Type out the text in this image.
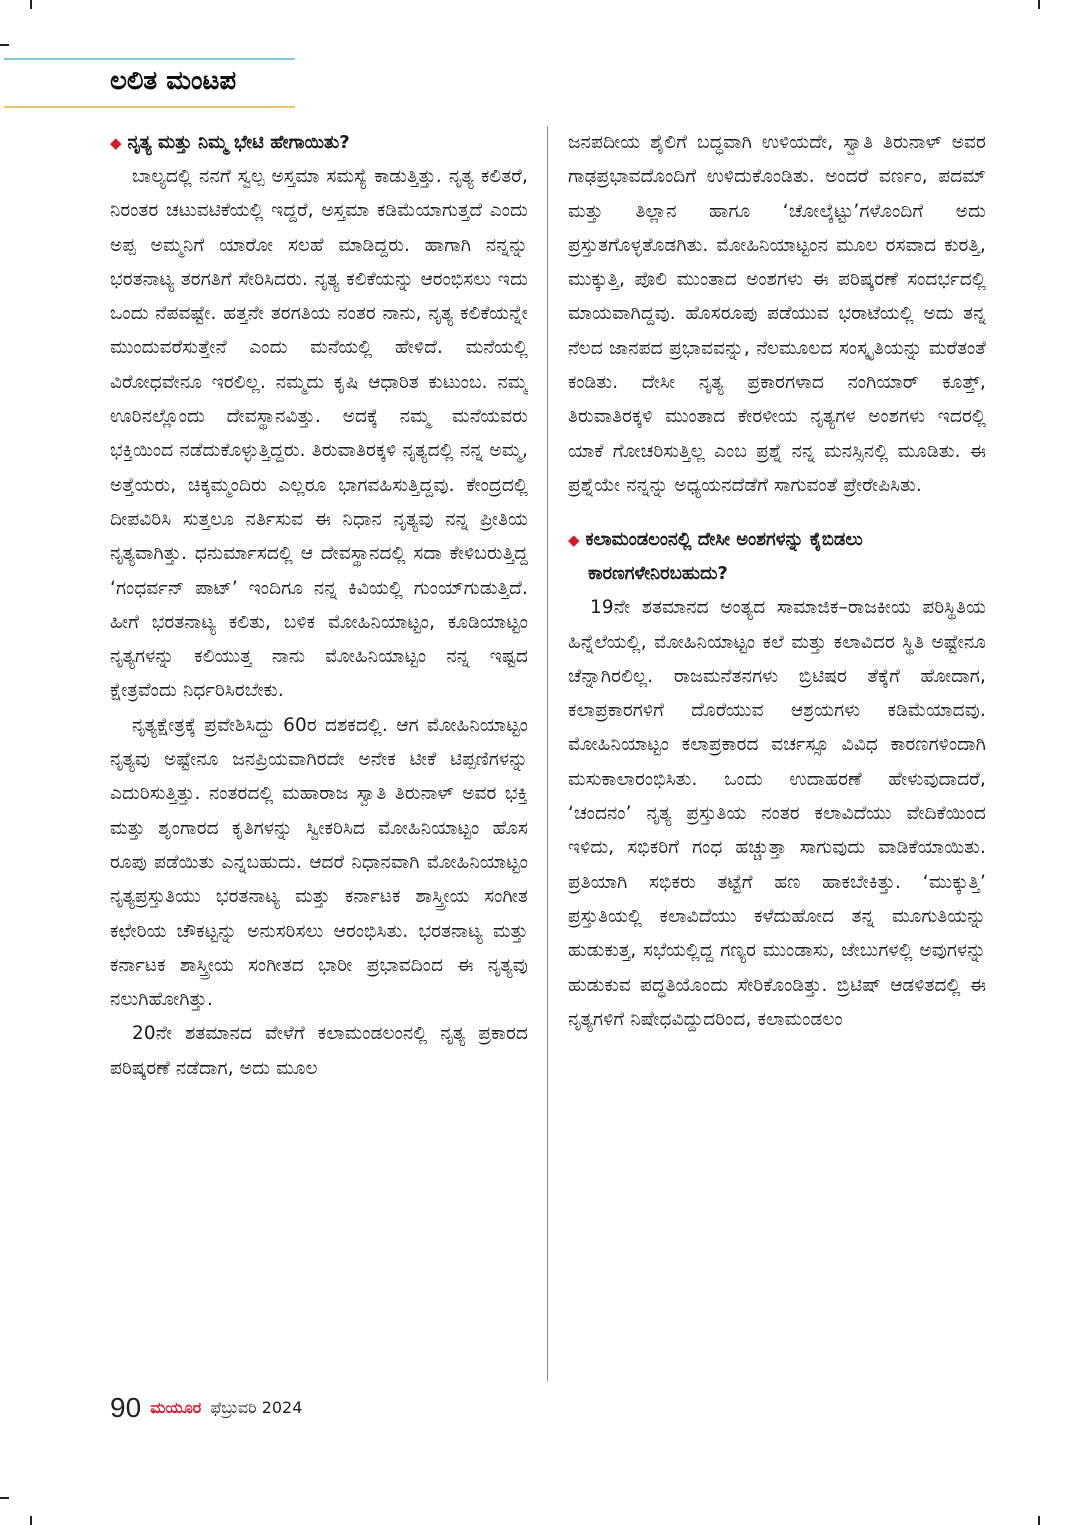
ಲಲಿತ ಮಂಟಪ

◆ ನೃತ್ಯ ಮತ್ತು ನಿಮ್ಮ ಭೇಟಿ ಹೇಗಾಯಿತು?

ಬಾಲ್ಯದಲ್ಲಿ ನನಗೆ ಸ್ವಲ್ಪ ಅಸ್ತಮಾ ಸಮಸ್ಯೆ ಕಾಡುತ್ತಿತ್ತು. ನೃತ್ಯ ಕಲಿತರೆ, ನಿರಂತರ ಚಟುವಟಿಕೆಯಲ್ಲಿ ಇದ್ದರೆ, ಅಸ್ತಮಾ ಕಡಿಮೆಯಾಗುತ್ತದೆ ಎಂದು ಅಪ್ಪ ಅಮ್ಮನಿಗೆ ಯಾರೋ ಸಲಹೆ ಮಾಡಿದ್ದರು. ಹಾಗಾಗಿ ನನ್ನನ್ನು ಭರತನಾಟ್ಯ ತರಗತಿಗೆ ಸೇರಿಸಿದರು. ನೃತ್ಯ ಕಲಿಕೆಯನ್ನು ಆರಂಭಿಸಲು ಇದು ಒಂದು ನೆಪವಷ್ಟೇ. ಹತ್ತನೇ ತರಗತಿಯ ನಂತರ ನಾನು, ನೃತ್ಯ ಕಲಿಕೆಯನ್ನೇ ಮುಂದುವರೆಸುತ್ತೇನೆ ಎಂದು ಮನೆಯಲ್ಲಿ ಹೇಳಿದೆ. ಮನೆಯಲ್ಲಿ ವಿರೋಧವೇನೂ ಇರಲಿಲ್ಲ. ನಮ್ಮದು ಕೃಷಿ ಆಧಾರಿತ ಕುಟುಂಬ. ನಮ್ಮ ಊರಿನಲ್ಲೊಂದು ದೇವಸ್ಥಾನವಿತ್ತು. ಅದಕ್ಕೆ ನಮ್ಮ ಮನೆಯವರು ಭಕ್ತಿಯಿಂದ ನಡೆದುಕೊಳ್ಳುತ್ತಿದ್ದರು. ತಿರುವಾತಿರಕ್ಕಳಿ ನೃತ್ಯದಲ್ಲಿ ನನ್ನ ಅಮ್ಮ, ಅತ್ತೆಯರು, ಚಿಕ್ಕಮ್ಮಂದಿರು ಎಲ್ಲರೂ ಭಾಗವಹಿಸುತ್ತಿದ್ದವು. ಕೇಂದ್ರದಲ್ಲಿ ದೀಪವಿರಿಸಿ ಸುತ್ತಲೂ ನರ್ತಿಸುವ ಈ ನಿಧಾನ ನೃತ್ಯವು ನನ್ನ ಪ್ರೀತಿಯ ನೃತ್ಯವಾಗಿತ್ತು. ಧನುರ್ಮಾಸದಲ್ಲಿ ಆ ದೇವಸ್ಥಾನದಲ್ಲಿ ಸದಾ ಕೇಳಿಬರುತ್ತಿದ್ದ ‘ಗಂಧರ್ವನ್ ಪಾಟ್’ ಇಂದಿಗೂ ನನ್ನ ಕಿವಿಯಲ್ಲಿ ಗುಂಯ್‌ಗುಡುತ್ತಿದೆ. ಹೀಗೆ ಭರತನಾಟ್ಯ ಕಲಿತು, ಬಳಿಕ ಮೋಹಿನಿಯಾಟ್ಟಂ, ಕೂಡಿಯಾಟ್ಟಂ ನೃತ್ಯಗಳನ್ನು ಕಲಿಯುತ್ತ ನಾನು ಮೋಹಿನಿಯಾಟ್ಟಂ ನನ್ನ ಇಷ್ಟದ ಕ್ಷೇತ್ರವೆಂದು ನಿರ್ಧರಿಸಿರಬೇಕು.

ನೃತ್ಯಕ್ಷೇತ್ರಕ್ಕೆ ಪ್ರವೇಶಿಸಿದ್ದು 60ರ ದಶಕದಲ್ಲಿ. ಆಗ ಮೋಹಿನಿಯಾಟ್ಟಂ ನೃತ್ಯವು ಅಷ್ಟೇನೂ ಜನಪ್ರಿಯವಾಗಿರದೇ ಅನೇಕ ಟೀಕೆ ಟಿಪ್ಪಣಿಗಳನ್ನು ಎದುರಿಸುತ್ತಿತ್ತು. ನಂತರದಲ್ಲಿ ಮಹಾರಾಜ ಸ್ವಾತಿ ತಿರುನಾಳ್ ಅವರ ಭಕ್ತಿ ಮತ್ತು ಶೃಂಗಾರದ ಕೃತಿಗಳನ್ನು ಸ್ವೀಕರಿಸಿದ ಮೋಹಿನಿಯಾಟ್ಟಂ ಹೊಸ ರೂಪು ಪಡೆಯಿತು ಎನ್ನಬಹುದು. ಆದರೆ ನಿಧಾನವಾಗಿ ಮೋಹಿನಿಯಾಟ್ಟಂ ನೃತ್ಯಪ್ರಸ್ತುತಿಯು ಭರತನಾಟ್ಯ ಮತ್ತು ಕರ್ನಾಟಕ ಶಾಸ್ತ್ರೀಯ ಸಂಗೀತ ಕಛೇರಿಯ ಚೌಕಟ್ಟನ್ನು ಅನುಸರಿಸಲು ಆರಂಭಿಸಿತು. ಭರತನಾಟ್ಯ ಮತ್ತು ಕರ್ನಾಟಕ ಶಾಸ್ತ್ರೀಯ ಸಂಗೀತದ ಭಾರೀ ಪ್ರಭಾವದಿಂದ ಈ ನೃತ್ಯವು ನಲುಗಿಹೋಗಿತ್ತು.

20ನೇ ಶತಮಾನದ ವೇಳೆಗೆ ಕಲಾಮಂಡಲಂನಲ್ಲಿ ನೃತ್ಯ ಪ್ರಕಾರದ ಪರಿಷ್ಕರಣೆ ನಡೆದಾಗ, ಅದು ಮೂಲ

ಜನಪದೀಯ ಶೈಲಿಗೆ ಬದ್ಧವಾಗಿ ಉಳಿಯದೇ, ಸ್ವಾತಿ ತಿರುನಾಳ್ ಅವರ ಗಾಢಪ್ರಭಾವದೊಂದಿಗೆ ಉಳಿದುಕೊಂಡಿತು. ಅಂದರೆ ವರ್ಣಂ, ಪದಮ್ ಮತ್ತು ತಿಲ್ಲಾನ ಹಾಗೂ ‘ಚೋಲ್ಕೆಟ್ಟು’ಗಳೊಂದಿಗೆ ಅದು ಪ್ರಸ್ತುತಗೊಳ್ಳತೊಡಗಿತು. ಮೋಹಿನಿಯಾಟ್ಟಂನ ಮೂಲ ರಸವಾದ ಕುರತ್ತಿ, ಮುಕ್ಕುತ್ತಿ, ಪೊಲಿ ಮುಂತಾದ ಅಂಶಗಳು ಈ ಪರಿಷ್ಕರಣೆ ಸಂದರ್ಭದಲ್ಲಿ ಮಾಯವಾಗಿದ್ದವು. ಹೊಸರೂಪು ಪಡೆಯುವ ಭರಾಟೆಯಲ್ಲಿ ಅದು ತನ್ನ ನೆಲದ ಜಾನಪದ ಪ್ರಭಾವವನ್ನು, ನೆಲಮೂಲದ ಸಂಸ್ಕೃತಿಯನ್ನು ಮರೆತಂತೆ ಕಂಡಿತು. ದೇಸೀ ನೃತ್ಯ ಪ್ರಕಾರಗಳಾದ ನಂಗಿಯಾರ್ ಕೂತ್ತ್, ತಿರುವಾತಿರಕ್ಕಳಿ ಮುಂತಾದ ಕೇರಳೀಯ ನೃತ್ಯಗಳ ಅಂಶಗಳು ಇದರಲ್ಲಿ ಯಾಕೆ ಗೋಚರಿಸುತ್ತಿಲ್ಲ ಎಂಬ ಪ್ರಶ್ನೆ ನನ್ನ ಮನಸ್ಸಿನಲ್ಲಿ ಮೂಡಿತು. ಈ ಪ್ರಶ್ನೆಯೇ ನನ್ನನ್ನು ಅಧ್ಯಯನದೆಡೆಗೆ ಸಾಗುವಂತೆ ಪ್ರೇರೇಪಿಸಿತು.

◆ ಕಲಾಮಂಡಲಂನಲ್ಲಿ ದೇಸೀ ಅಂಶಗಳನ್ನು ಕೈಬಿಡಲು ಕಾರಣಗಳೇನಿರಬಹುದು?

19ನೇ ಶತಮಾನದ ಅಂತ್ಯದ ಸಾಮಾಜಿಕ–ರಾಜಕೀಯ ಪರಿಸ್ಥಿತಿಯ ಹಿನ್ನೆಲೆಯಲ್ಲಿ, ಮೋಹಿನಿಯಾಟ್ಟಂ ಕಲೆ ಮತ್ತು ಕಲಾವಿದರ ಸ್ಥಿತಿ ಅಷ್ಟೇನೂ ಚೆನ್ನಾಗಿರಲಿಲ್ಲ. ರಾಜಮನೆತನಗಳು ಬ್ರಿಟಿಷರ ತೆಕ್ಕೆಗೆ ಹೋದಾಗ, ಕಲಾಪ್ರಕಾರಗಳಿಗೆ ದೊರೆಯುವ ಆಶ್ರಯಗಳು ಕಡಿಮೆಯಾದವು. ಮೋಹಿನಿಯಾಟ್ಟಂ ಕಲಾಪ್ರಕಾರದ ವರ್ಚಸ್ಸೂ ವಿವಿಧ ಕಾರಣಗಳಿಂದಾಗಿ ಮಸುಕಾಲಾರಂಭಿಸಿತು. ಒಂದು ಉದಾಹರಣೆ ಹೇಳುವುದಾದರೆ, ‘ಚಂದನಂ’ ನೃತ್ಯ ಪ್ರಸ್ತುತಿಯ ನಂತರ ಕಲಾವಿದೆಯು ವೇದಿಕೆಯಿಂದ ಇಳಿದು, ಸಭಿಕರಿಗೆ ಗಂಧ ಹಚ್ಚುತ್ತಾ ಸಾಗುವುದು ವಾಡಿಕೆಯಾಯಿತು. ಪ್ರತಿಯಾಗಿ ಸಭಿಕರು ತಟ್ಟೆಗೆ ಹಣ ಹಾಕಬೇಕಿತ್ತು. ‘ಮುಕ್ಕುತ್ತಿ’ ಪ್ರಸ್ತುತಿಯಲ್ಲಿ ಕಲಾವಿದೆಯು ಕಳೆದುಹೋದ ತನ್ನ ಮೂಗುತಿಯನ್ನು ಹುಡುಕುತ್ತ, ಸಭೆಯಲ್ಲಿದ್ದ ಗಣ್ಯರ ಮುಂಡಾಸು, ಜೇಬುಗಳಲ್ಲಿ ಅವುಗಳನ್ನು ಹುಡುಕುವ ಪದ್ಧತಿಯೊಂದು ಸೇರಿಕೊಂಡಿತ್ತು. ಬ್ರಿಟಿಷ್ ಆಡಳಿತದಲ್ಲಿ ಈ ನೃತ್ಯಗಳಿಗೆ ನಿಷೇಧವಿದ್ದುದರಿಂದ, ಕಲಾಮಂಡಲಂ

90 ಮಯೂರ ಫೆಬ್ರುವರಿ 2024
